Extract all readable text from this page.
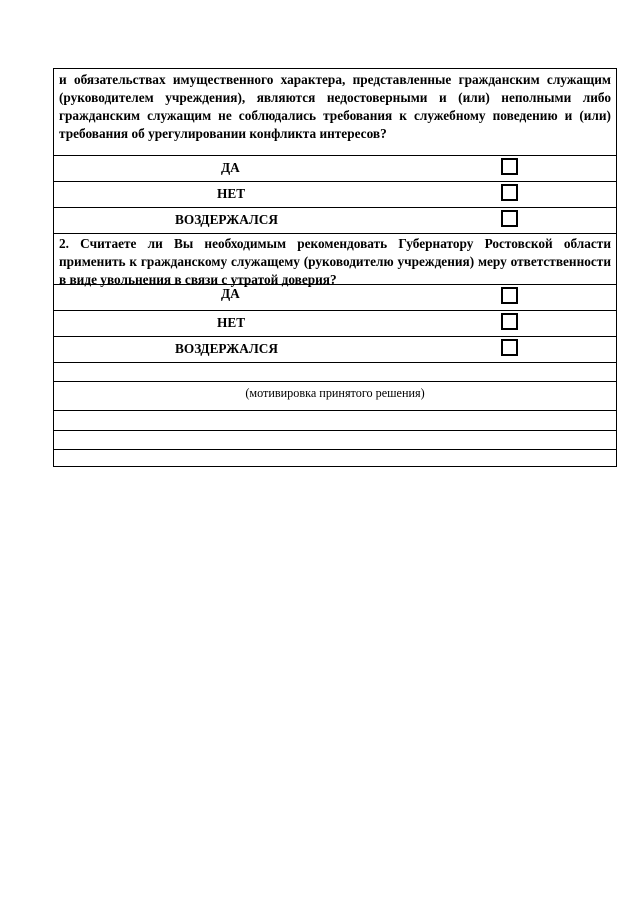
и обязательствах имущественного характера, представленные гражданским служащим (руководителем учреждения), являются недостоверными и (или) неполными либо гражданским служащим не соблюдались требования к служебному поведению и (или) требования об урегулировании конфликта интересов?
ДА
НЕТ
ВОЗДЕРЖАЛСЯ
2. Считаете ли Вы необходимым рекомендовать Губернатору Ростовской области применить к гражданскому служащему (руководителю учреждения) меру ответственности в виде увольнения в связи с утратой доверия?
ДА
НЕТ
ВОЗДЕРЖАЛСЯ
(мотивировка принятого решения)
